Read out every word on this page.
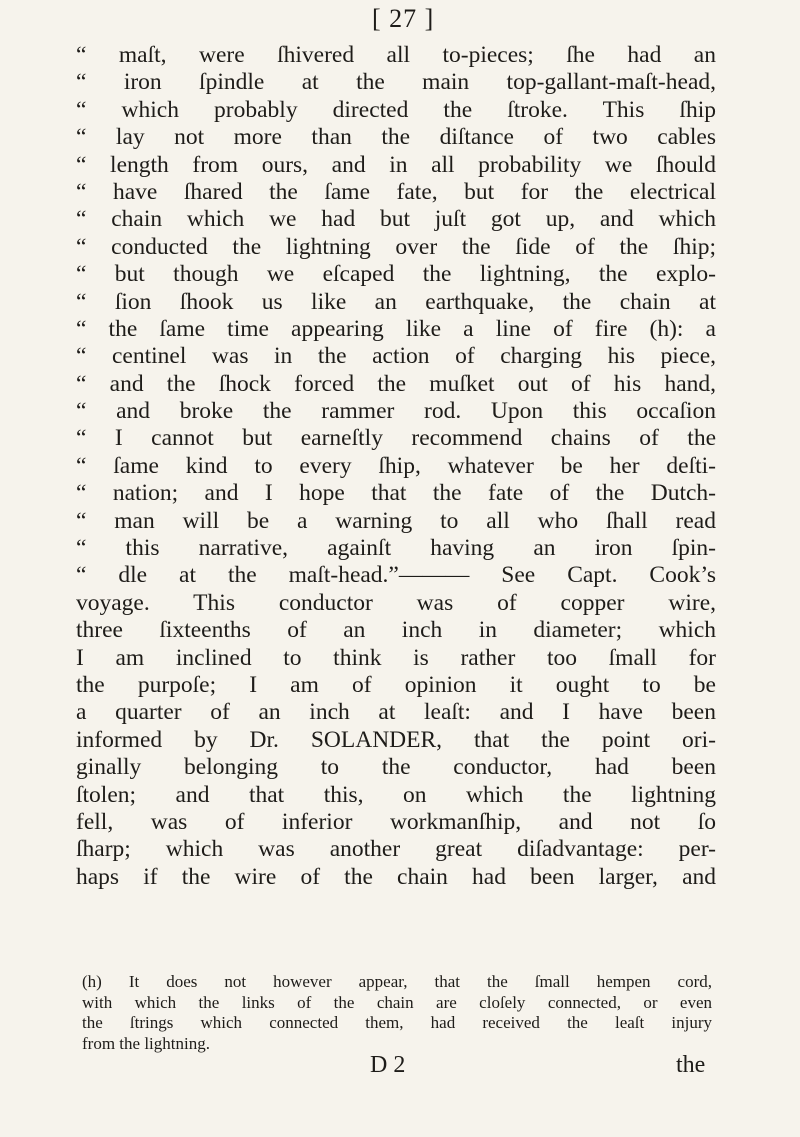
[ 27 ]
“ maſt, were ſhivered all to-pieces; ſhe had an
“ iron ſpindle at the main top-gallant-maſt-head,
“ which probably directed the ſtroke. This ſhip
“ lay not more than the diſtance of two cables
“ length from ours, and in all probability we ſhould
“ have ſhared the ſame fate, but for the electrical
“ chain which we had but juſt got up, and which
“ conducted the lightning over the ſide of the ſhip;
“ but though we eſcaped the lightning, the explo-
“ ſion ſhook us like an earthquake, the chain at
“ the ſame time appearing like a line of fire (h): a
“ centinel was in the action of charging his piece,
“ and the ſhock forced the muſket out of his hand,
“ and broke the rammer rod. Upon this occaſion
“ I cannot but earneſtly recommend chains of the
“ ſame kind to every ſhip, whatever be her deſti-
“ nation; and I hope that the fate of the Dutch-
“ man will be a warning to all who ſhall read
“ this narrative, againſt having an iron ſpin-
“ dle at the maſt-head.”——— See Capt. Cook’s
voyage. This conductor was of copper wire,
three ſixteenths of an inch in diameter; which
I am inclined to think is rather too ſmall for
the purpoſe; I am of opinion it ought to be
a quarter of an inch at leaſt: and I have been
informed by Dr. SOLANDER, that the point ori-
ginally belonging to the conductor, had been
ſtolen; and that this, on which the lightning
fell, was of inferior workmanſhip, and not ſo
ſharp; which was another great diſadvantage: per-
haps if the wire of the chain had been larger, and
(h) It does not however appear, that the ſmall hempen cord,
with which the links of the chain are cloſely connected, or even
the ſtrings which connected them, had received the leaſt injury
from the lightning.
D 2	the
